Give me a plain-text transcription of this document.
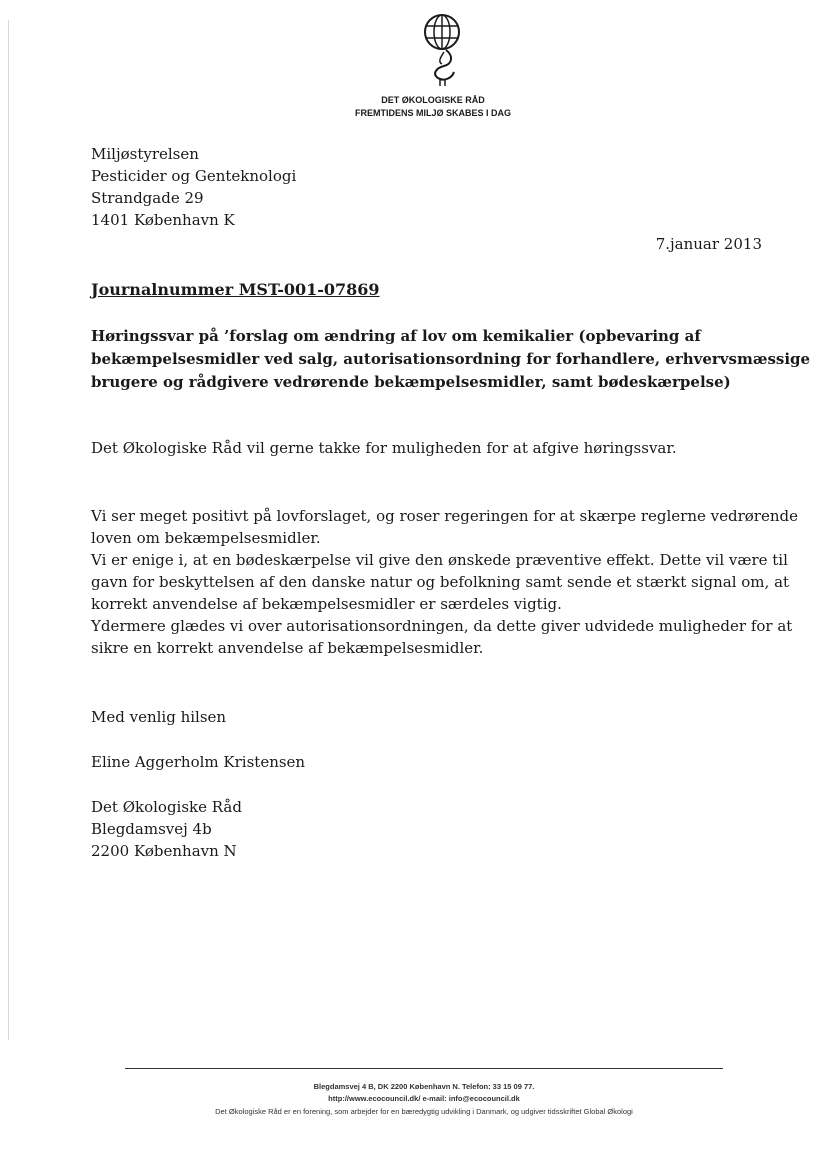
DET ØKOLOGISKE RÅD
FREMTIDENS MILJØ SKABES I DAG
Miljøstyrelsen
Pesticider og Genteknologi
Strandgade 29
1401 København K
7.januar 2013
Journalnummer MST-001-07869
Høringssvar på ’forslag om ændring af lov om kemikalier (opbevaring af
bekæmpelsesmidler ved salg, autorisationsordning for forhandlere, erhvervsmæssige
brugere og rådgivere vedrørende bekæmpelsesmidler, samt bødeskærpelse)
Det Økologiske Råd vil gerne takke for muligheden for at afgive høringssvar.
Vi ser meget positivt på lovforslaget, og roser regeringen for at skærpe reglerne vedrørende
loven om bekæmpelsesmidler.
Vi er enige i, at en bødeskærpelse vil give den ønskede præventive effekt. Dette vil være til
gavn for beskyttelsen af den danske natur og befolkning samt sende et stærkt signal om, at
korrekt anvendelse af bekæmpelsesmidler er særdeles vigtig.
Ydermere glædes vi over autorisationsordningen, da dette giver udvidede muligheder for at
sikre en korrekt anvendelse af bekæmpelsesmidler.
Med venlig hilsen
Eline Aggerholm Kristensen
Det Økologiske Råd
Blegdamsvej 4b
2200 København N
Blegdamsvej 4 B, DK 2200 København N. Telefon: 33 15 09 77.
http://www.ecocouncil.dk/ e-mail: info@ecocouncil.dk
Det Økologiske Råd er en forening, som arbejder for en bæredygtig udvikling i Danmark, og udgiver tidsskriftet Global Økologi
